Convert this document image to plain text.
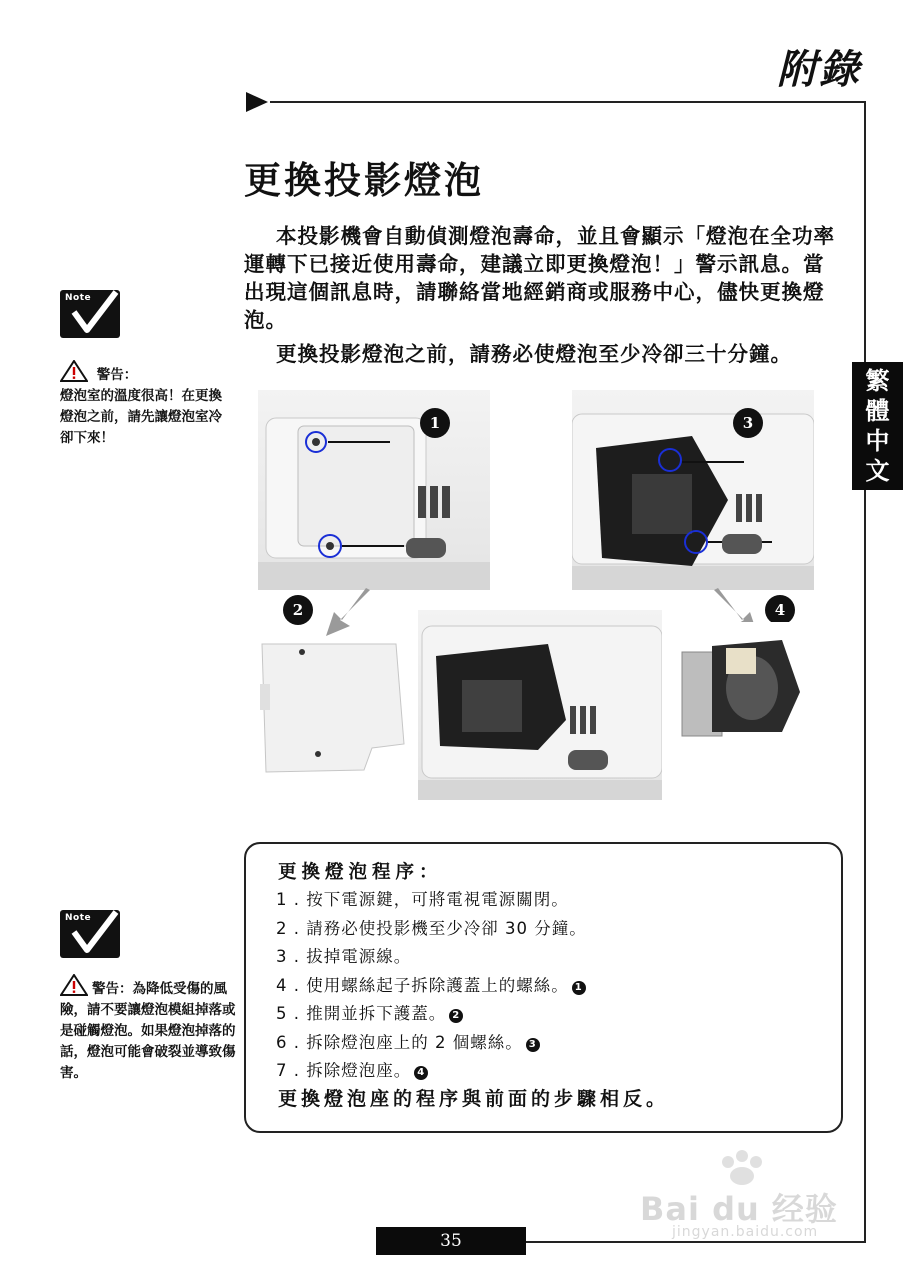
附錄
繁
體
中
文
更換投影燈泡

本投影機會自動偵測燈泡壽命，並且會顯示「燈泡在全功率運轉下已接近使用壽命，建議立即更換燈泡！」警示訊息。當出現這個訊息時，請聯絡當地經銷商或服務中心，儘快更換燈泡。

更換投影燈泡之前，請務必使燈泡至少冷卻三十分鐘。

Note
警告：
燈泡室的溫度很高！在更換燈泡之前，請先讓燈泡室冷卻下來！
Note
警告：為降低受傷的風險，請不要讓燈泡模組掉落或是碰觸燈泡。如果燈泡掉落的話，燈泡可能會破裂並導致傷害。
1	3
2	4
更換燈泡程序：
1 . 按下電源鍵，可將電視電源關閉。
2 . 請務必使投影機至少冷卻 30 分鐘。
3 . 拔掉電源線。
4 . 使用螺絲起子拆除護蓋上的螺絲。 1
5 . 推開並拆下護蓋。 2
6 . 拆除燈泡座上的 2 個螺絲。 3
7 . 拆除燈泡座。 4
更換燈泡座的程序與前面的步驟相反。
Bai du 经验
jingyan.baidu.com
35
